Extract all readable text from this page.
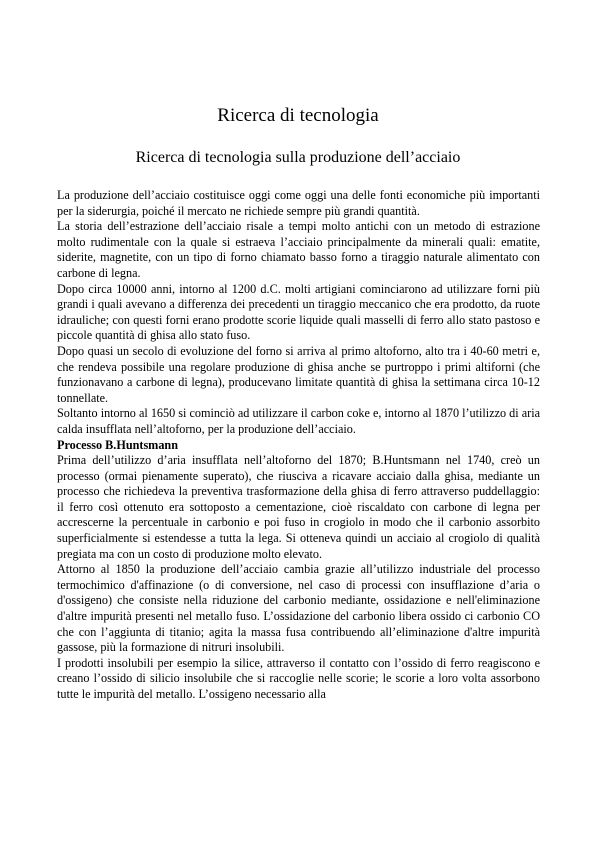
Ricerca di tecnologia
Ricerca di tecnologia sulla produzione dell’acciaio

La produzione dell’acciaio costituisce oggi come oggi una delle fonti economiche più importanti per la siderurgia, poiché il mercato ne richiede sempre più grandi quantità.

La storia dell’estrazione dell’acciaio risale a tempi molto antichi con un metodo di estrazione molto rudimentale con la quale si estraeva l’acciaio principalmente da minerali quali: ematite, siderite, magnetite, con un tipo di forno chiamato basso forno a tiraggio naturale alimentato con carbone di legna.

Dopo circa 10000 anni, intorno al 1200 d.C. molti artigiani cominciarono ad utilizzare forni più grandi i quali avevano a differenza dei precedenti un tiraggio meccanico che era prodotto, da ruote idrauliche; con questi forni erano prodotte scorie liquide quali masselli di ferro allo stato pastoso e piccole quantità di ghisa allo stato fuso.

Dopo quasi un secolo di evoluzione del forno si arriva al primo altoforno, alto tra i 40-60 metri e, che rendeva possibile una regolare produzione di ghisa anche se purtroppo i primi altiforni (che funzionavano a carbone di legna), producevano limitate quantità di ghisa la settimana circa 10-12 tonnellate.

Soltanto intorno al 1650 si cominciò ad utilizzare il carbon coke e, intorno al 1870 l’utilizzo di aria calda insufflata nell’altoforno, per la produzione dell’acciaio.

Processo B.Huntsmann

Prima dell’utilizzo d’aria insufflata nell’altoforno del 1870; B.Huntsmann nel 1740, creò un processo (ormai pienamente superato), che riusciva a ricavare acciaio dalla ghisa, mediante un processo che richiedeva la preventiva trasformazione della ghisa di ferro attraverso puddellaggio: il ferro così ottenuto era sottoposto a cementazione, cioè riscaldato con carbone di legna per accrescerne la percentuale in carbonio e poi fuso in crogiolo in modo che il carbonio assorbito superficialmente si estendesse a tutta la lega. Si otteneva quindi un acciaio al crogiolo di qualità pregiata ma con un costo di produzione molto elevato.

Attorno al 1850 la produzione dell’acciaio cambia grazie all’utilizzo industriale del processo termochimico d'affinazione (o di conversione, nel caso di processi con insufflazione d’aria o d'ossigeno) che consiste nella riduzione del carbonio mediante, ossidazione e nell'eliminazione d'altre impurità presenti nel metallo fuso. L’ossidazione del carbonio libera ossido ci carbonio CO che con l’aggiunta di titanio; agita la massa fusa contribuendo all’eliminazione d'altre impurità gassose, più la formazione di nitruri insolubili.

I prodotti insolubili per esempio la silice, attraverso il contatto con l’ossido di ferro reagiscono e creano l’ossido di silicio insolubile che si raccoglie nelle scorie; le scorie a loro volta assorbono tutte le impurità del metallo. L’ossigeno necessario alla
